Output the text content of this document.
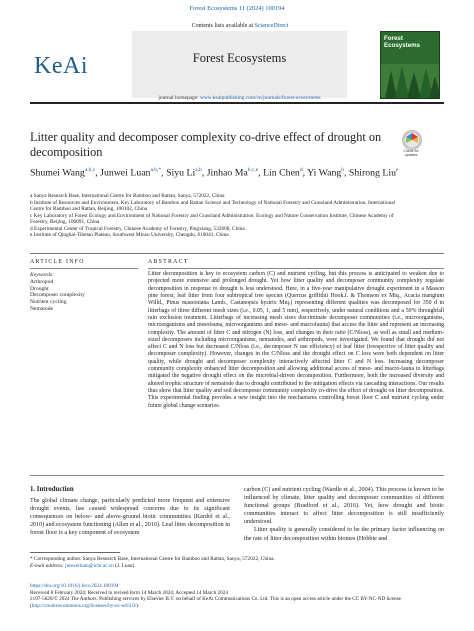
Forest Ecosystems 11 (2024) 100194
Contents lists available at ScienceDirect
KeAi	Forest Ecosystems
journal homepage: www.keaipublishing.com/cn/journals/forest-ecosystems
Forest
Ecosystems
Litter quality and decomposer complexity co-drive effect of drought on decomposition	Check for updates
Shumei Wang$^{a,b,c}$, Junwei Luan$^{a,b,*}$, Siyu Li$^{a,b}$, Jinhao Ma$^{b,c,e}$, Lin Chen$^d$, Yi Wang$^b$, Shirong Liu$^e$
a Sanya Research Base, International Centre for Bamboo and Rattan, Sanya, 572022, China
b Institute of Resources and Environment, Key Laboratory of Bamboo and Rattan Science and Technology of National Forestry and Grassland Administration, International
Centre for Bamboo and Rattan, Beijing, 100102, China
c Key Laboratory of Forest Ecology and Environment of National Forestry and Grassland Administration, Ecology and Nature Conservation Institute, Chinese Academy of
Forestry, Beijing, 100091, China
d Experimental Center of Tropical Forestry, Chinese Academy of Forestry, Pingxiang, 532600, China
e Institute of Qinghai-Tibetan Plateau, Southwest Minzu University, Chengdu, 610041, China
ARTICLE INFO	ABSTRACT
Keywords:
Arthropod
Drought
Decomposer complexity
Nutrient cycling
Nematode
Litter decomposition is key to ecosystem carbon (C) and nutrient cycling, but this process is anticipated to weaken due to projected more extensive and prolonged drought. Yet how litter quality and decomposer community complexity regulate decomposition in response to drought is less understood. Here, in a five-year manipulative drought experiment in a Masson pine forest, leaf litter from four subtropical tree species (Quercus griffithii Hook.f. & Thomson ex Miq., Acacia mangium Willd., Pinus massoniana Lamb., Castanopsis hystrix Miq.) representing different qualities was decomposed for 350 d in litterbags of three different mesh sizes (i.e., 0.05, 1, and 5 mm), respectively, under natural conditions and a 50% throughfall rain exclusion treatment. Litterbags of increasing mesh sizes discriminate decomposer communities (i.e., microorganisms, microorganisms and mesofauna, microorganisms and meso- and macrofauna) that access the litter and represent an increasing complexity. The amount of litter C and nitrogen (N) loss, and changes in their ratio (C/Nloss), as well as small and medium-sized decomposers including microorganisms, nematodes, and arthropods, were investigated. We found that drought did not affect C and N loss but decreased C/Nloss (i.e., decomposer N use efficiency) of leaf litter (irrespective of litter quality and decomposer complexity). However, changes in the C/Nloss and the drought effect on C loss were both dependent on litter quality, while drought and decomposer complexity interactively affected litter C and N loss. Increasing decomposer community complexity enhanced litter decomposition and allowing additional access of meso- and macro-fauna to litterbags mitigated the negative drought effect on the microbial-driven decomposition. Furthermore, both the increased diversity and altered trophic structure of nematode due to drought contributed to the mitigation effects via cascading interactions. Our results thus show that litter quality and soil decomposer community complexity co-drive the effect of drought on litter decomposition. This experimental finding provides a new insight into the mechanisms controlling forest floor C and nutrient cycling under future global change scenarios.
1. Introduction
The global climate change, particularly predicted more frequent and extensive drought events, has caused widespread concerns due to its significant consequences on below- and above-ground biotic communities (Kardol et al., 2010) and ecosystem functioning (Allen et al., 2010). Leaf litter decomposition in forest floor is a key component of ecosystem
carbon (C) and nutrient cycling (Wardle et al., 2004). This process is known to be influenced by climate, litter quality and decomposer communities of different functional groups (Bradford et al., 2016). Yet, how drought and biotic communities interact to affect litter decomposition is still insufficiently understood.
Litter quality is generally considered to be the primary factor influencing on the rate of litter decomposition within biomes (Hobbie and
* Corresponding author. Sanya Research Base, International Centre for Bamboo and Rattan, Sanya, 572022, China.
E-mail address: junweiluan@icbr.ac.cn (J. Luan).
https://doi.org/10.1016/j.fecs.2024.100194
Received 8 February 2024; Received in revised form 14 March 2024; Accepted 14 March 2024
2197-5620/© 2024 The Authors. Publishing services by Elsevier B.V. on behalf of KeAi Communications Co. Ltd. This is an open access article under the CC BY-NC-ND license (http://creativecommons.org/licenses/by-nc-nd/4.0/).
